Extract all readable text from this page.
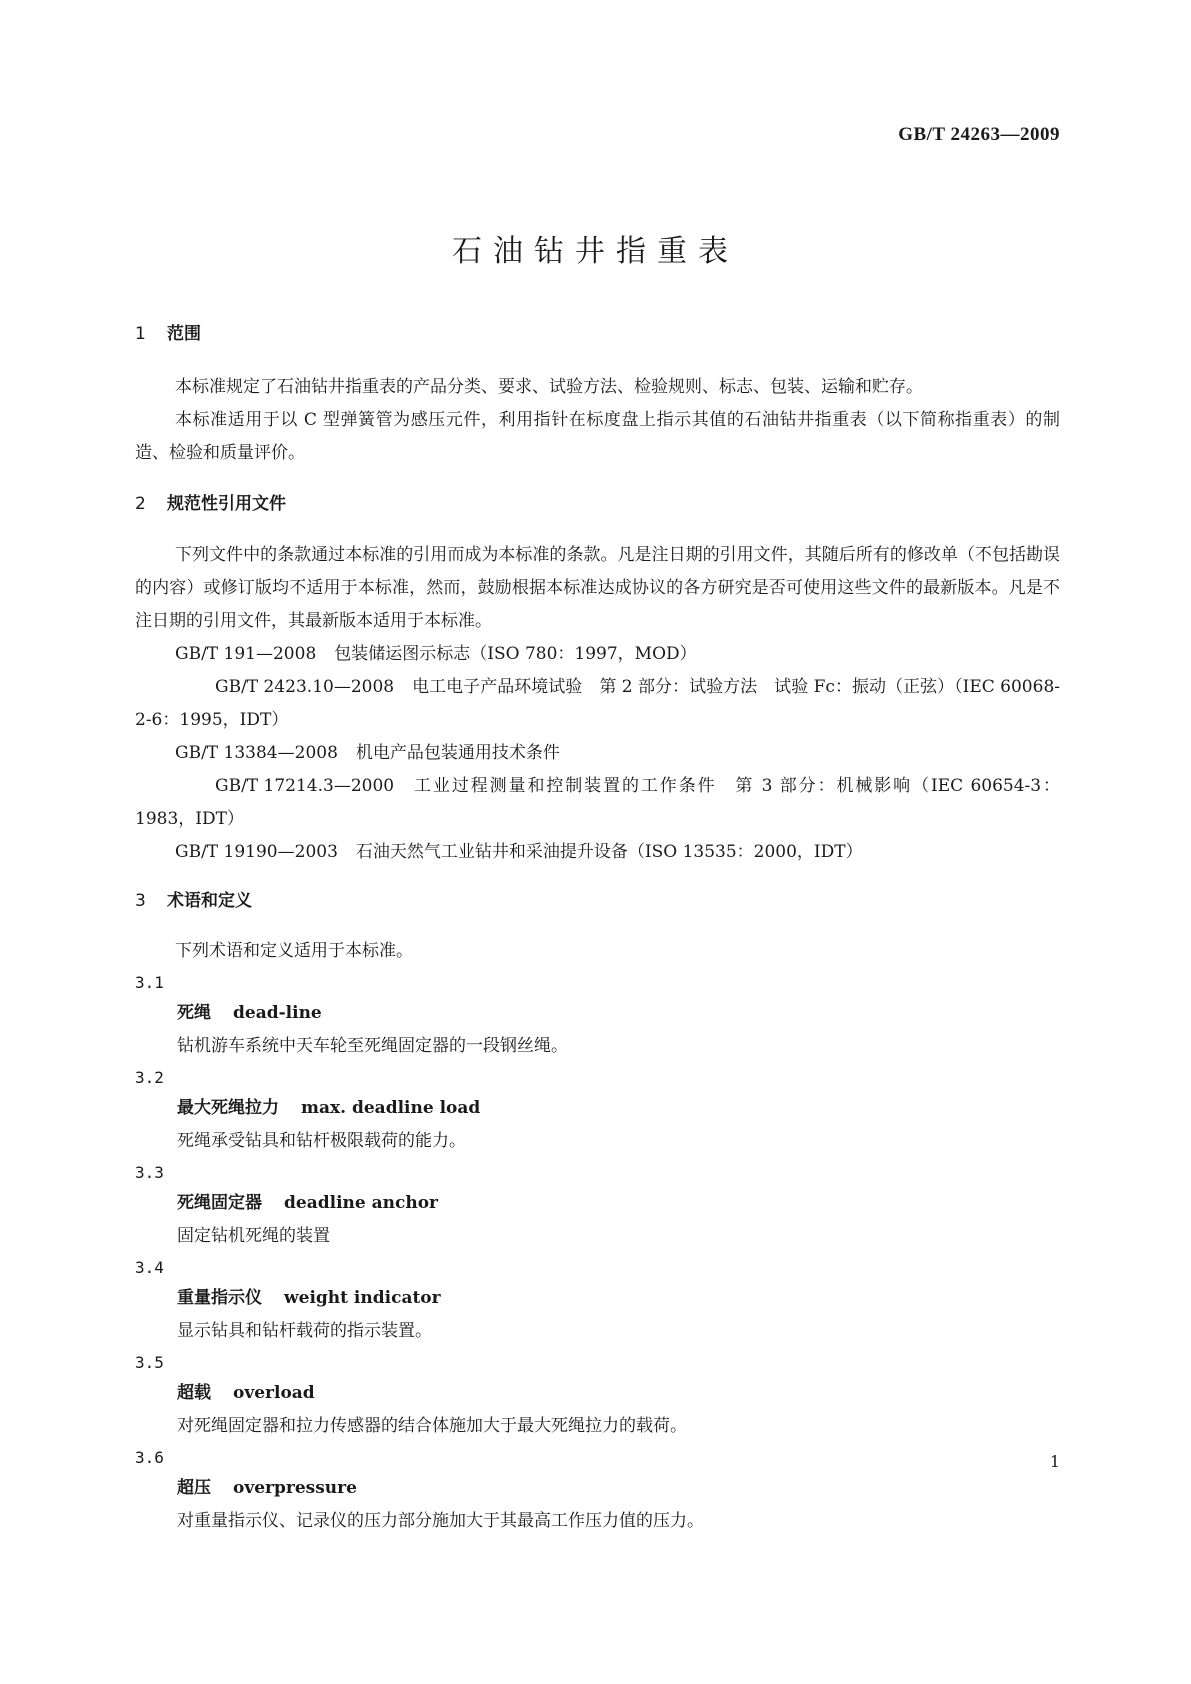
GB/T 24263—2009
石油钻井指重表
1 范围

本标准规定了石油钻井指重表的产品分类、要求、试验方法、检验规则、标志、包装、运输和贮存。

本标准适用于以 C 型弹簧管为感压元件，利用指针在标度盘上指示其值的石油钻井指重表（以下简称指重表）的制造、检验和质量评价。

2 规范性引用文件

下列文件中的条款通过本标准的引用而成为本标准的条款。凡是注日期的引用文件，其随后所有的修改单（不包括勘误的内容）或修订版均不适用于本标准，然而，鼓励根据本标准达成协议的各方研究是否可使用这些文件的最新版本。凡是不注日期的引用文件，其最新版本适用于本标准。

GB/T 191—2008 包装储运图示标志（ISO 780：1997，MOD）

GB/T 2423.10—2008 电工电子产品环境试验　第 2 部分：试验方法　试验 Fc：振动（正弦）（IEC 60068-2-6：1995，IDT）

GB/T 13384—2008 机电产品包装通用技术条件

GB/T 17214.3—2000 工业过程测量和控制装置的工作条件　第 3 部分：机械影响（IEC 60654-3：1983，IDT）

GB/T 19190—2003 石油天然气工业钻井和采油提升设备（ISO 13535：2000，IDT）

3 术语和定义

下列术语和定义适用于本标准。

3.1

死绳 dead-line

钻机游车系统中天车轮至死绳固定器的一段钢丝绳。

3.2

最大死绳拉力 max. deadline load

死绳承受钻具和钻杆极限载荷的能力。

3.3

死绳固定器 deadline anchor

固定钻机死绳的装置

3.4

重量指示仪 weight indicator

显示钻具和钻杆载荷的指示装置。

3.5

超载 overload

对死绳固定器和拉力传感器的结合体施加大于最大死绳拉力的载荷。

3.6

超压 overpressure

对重量指示仪、记录仪的压力部分施加大于其最高工作压力值的压力。

1
